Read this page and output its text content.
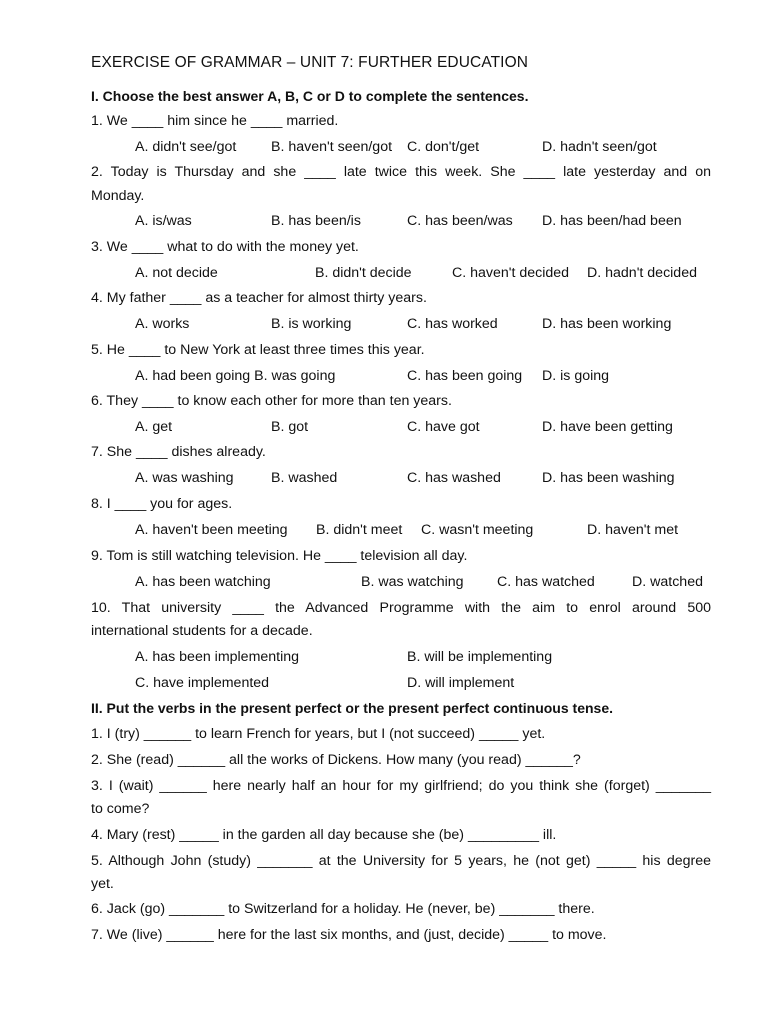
EXERCISE OF GRAMMAR – UNIT 7: FURTHER EDUCATION
I. Choose the best answer A, B, C or D to complete the sentences.
1. We ____ him since he ____ married.
A. didn't see/got B. haven't seen/got C. don't/get	D. hadn't seen/got
2. Today is Thursday and she ____ late twice this week. She ____ late yesterday and on
Monday.
A. is/was	B. has been/is	C. has been/was D. has been/had been
3. We ____ what to do with the money yet.
A. not decide	B. didn't decide	C. haven't decided D. hadn't decided
4. My father ____ as a teacher for almost thirty years.
A. works	B. is working	C. has worked	D. has been working
5. He ____ to New York at least three times this year.
A. had been going B. was going	C. has been going D. is going
6. They ____ to know each other for more than ten years.
A. get	B. got	C. have got	D. have been getting
7. She ____ dishes already.
A. was washing	B. washed	C. has washed	D. has been washing
8. I ____ you for ages.
A. haven't been meeting B. didn't meet C. wasn't meeting	D. haven't met
9. Tom is still watching television. He ____ television all day.
A. has been watching	B. was watching C. has watched	D. watched
10. That university ____ the Advanced Programme with the aim to enrol around 500
international students for a decade.
A. has been implementing	B. will be implementing
C. have implemented	D. will implement
II. Put the verbs in the present perfect or the present perfect continuous tense.
1. I (try) ______ to learn French for years, but I (not succeed) _____ yet.
2. She (read) ______ all the works of Dickens. How many (you read) ______?
3. I (wait) ______ here nearly half an hour for my girlfriend; do you think she (forget) _______
to come?
4. Mary (rest) _____ in the garden all day because she (be) _________ ill.
5. Although John (study) _______ at the University for 5 years, he (not get) _____ his degree
yet.
6. Jack (go) _______ to Switzerland for a holiday. He (never, be) _______ there.
7. We (live) ______ here for the last six months, and (just, decide) _____ to move.
